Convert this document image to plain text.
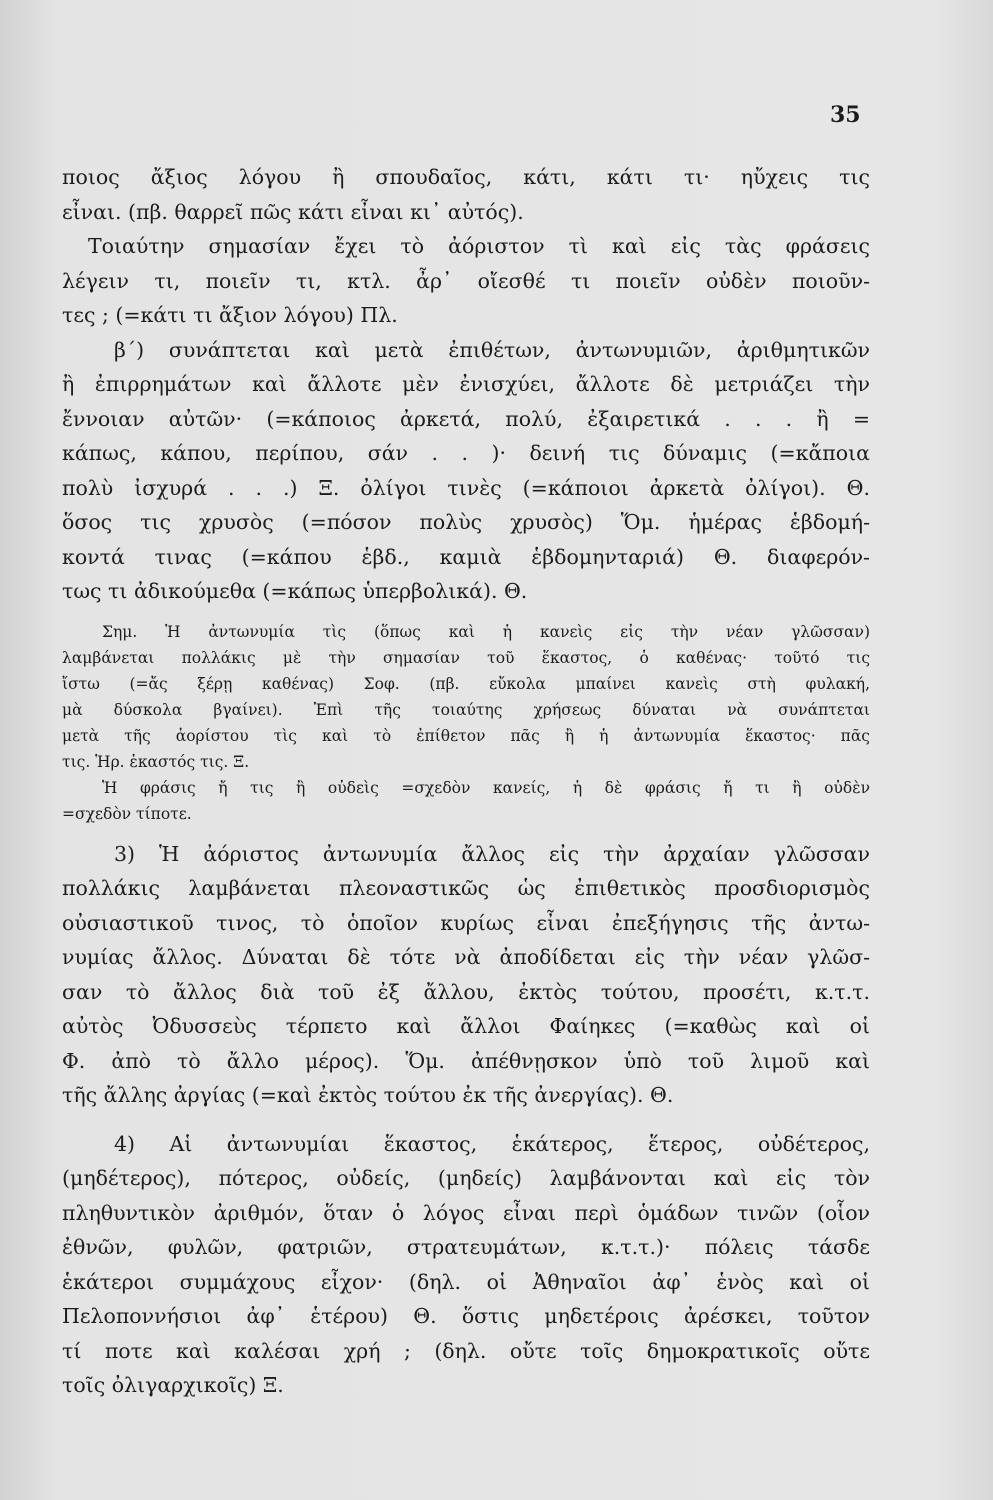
35
ποιος ἄξιος λόγου ἢ σπουδαῖος, κάτι, κάτι τι· ηὔχεις τις
εἶναι. (πβ. θαρρεῖ πῶς κάτι εἶναι κι᾽ αὐτός).
Τοιαύτην σημασίαν ἔχει τὸ ἀόριστον τὶ καὶ εἰς τὰς φράσεις
λέγειν τι, ποιεῖν τι, κτλ. ἆρ᾽ οἴεσθέ τι ποιεῖν οὐδὲν ποιοῦν-
τες ; (=κάτι τι ἄξιον λόγου) Πλ.
β΄) συνάπτεται καὶ μετὰ ἐπιθέτων, ἀντωνυμιῶν, ἀριθμητικῶν
ἢ ἐπιρρημάτων καὶ ἄλλοτε μὲν ἐνισχύει, ἄλλοτε δὲ μετριάζει τὴν
ἔννοιαν αὐτῶν· (=κάποιος ἀρκετά, πολύ, ἐξαιρετικά . . . ἢ =
κάπως, κάπου, περίπου, σάν . . )· δεινή τις δύναμις (=κἄποια
πολὺ ἰσχυρά . . .) Ξ. ὀλίγοι τινὲς (=κάποιοι ἀρκετὰ ὀλίγοι). Θ.
ὅσος τις χρυσὸς (=πόσον πολὺς χρυσὸς) Ὅμ. ἡμέρας ἑβδομή-
κοντά τινας (=κάπου ἑβδ., καμιὰ ἑβδομηνταριά) Θ. διαφερόν-
τως τι ἀδικούμεθα (=κάπως ὑπερβολικά). Θ.
Σημ. Ἡ ἀντωνυμία τὶς (ὅπως καὶ ἡ κανεὶς εἰς τὴν νέαν γλῶσσαν)
λαμβάνεται πολλάκις μὲ τὴν σημασίαν τοῦ ἕκαστος, ὁ καθένας· τοῦτό τις
ἴστω (=ἄς ξέρῃ καθένας) Σοφ. (πβ. εὔκολα μπαίνει κανεὶς στὴ φυλακή,
μὰ δύσκολα βγαίνει). Ἐπὶ τῆς τοιαύτης χρήσεως δύναται νὰ συνάπτεται
μετὰ τῆς ἀορίστου τὶς καὶ τὸ ἐπίθετον πᾶς ἢ ἡ ἀντωνυμία ἕκαστος· πᾶς
τις. Ἡρ. ἑκαστός τις. Ξ.
Ἡ φράσις ἤ τις ἢ οὐδεὶς =σχεδὸν κανείς, ἡ δὲ φράσις ἤ τι ἢ οὐδὲν
=σχεδὸν τίποτε.
3) Ἡ ἀόριστος ἀντωνυμία ἄλλος εἰς τὴν ἀρχαίαν γλῶσσαν
πολλάκις λαμβάνεται πλεοναστικῶς ὡς ἐπιθετικὸς προσδιορισμὸς
οὐσιαστικοῦ τινος, τὸ ὁποῖον κυρίως εἶναι ἐπεξήγησις τῆς ἀντω-
νυμίας ἄλλος. Δύναται δὲ τότε νὰ ἀποδίδεται εἰς τὴν νέαν γλῶσ-
σαν τὸ ἄλλος διὰ τοῦ ἐξ ἄλλου, ἐκτὸς τούτου, προσέτι, κ.τ.τ.
αὐτὸς Ὀδυσσεὺς τέρπετο καὶ ἄλλοι Φαίηκες (=καθὼς καὶ οἱ
Φ. ἀπὸ τὸ ἄλλο μέρος). Ὅμ. ἀπέθνῃσκον ὑπὸ τοῦ λιμοῦ καὶ
τῆς ἄλλης ἀργίας (=καὶ ἐκτὸς τούτου ἐκ τῆς ἀνεργίας). Θ.
4) Αἱ ἀντωνυμίαι ἕκαστος, ἑκάτερος, ἕτερος, οὐδέτερος,
(μηδέτερος), πότερος, οὐδείς, (μηδείς) λαμβάνονται καὶ εἰς τὸν
πληθυντικὸν ἀριθμόν, ὅταν ὁ λόγος εἶναι περὶ ὁμάδων τινῶν (οἷον
ἐθνῶν, φυλῶν, φατριῶν, στρατευμάτων, κ.τ.τ.)· πόλεις τάσδε
ἑκάτεροι συμμάχους εἶχον· (δηλ. οἱ Ἀθηναῖοι ἀφ᾽ ἑνὸς καὶ οἱ
Πελοποννήσιοι ἀφ᾽ ἑτέρου) Θ. ὅστις μηδετέροις ἀρέσκει, τοῦτον
τί ποτε καὶ καλέσαι χρή ; (δηλ. οὔτε τοῖς δημοκρατικοῖς οὔτε
τοῖς ὀλιγαρχικοῖς) Ξ.
